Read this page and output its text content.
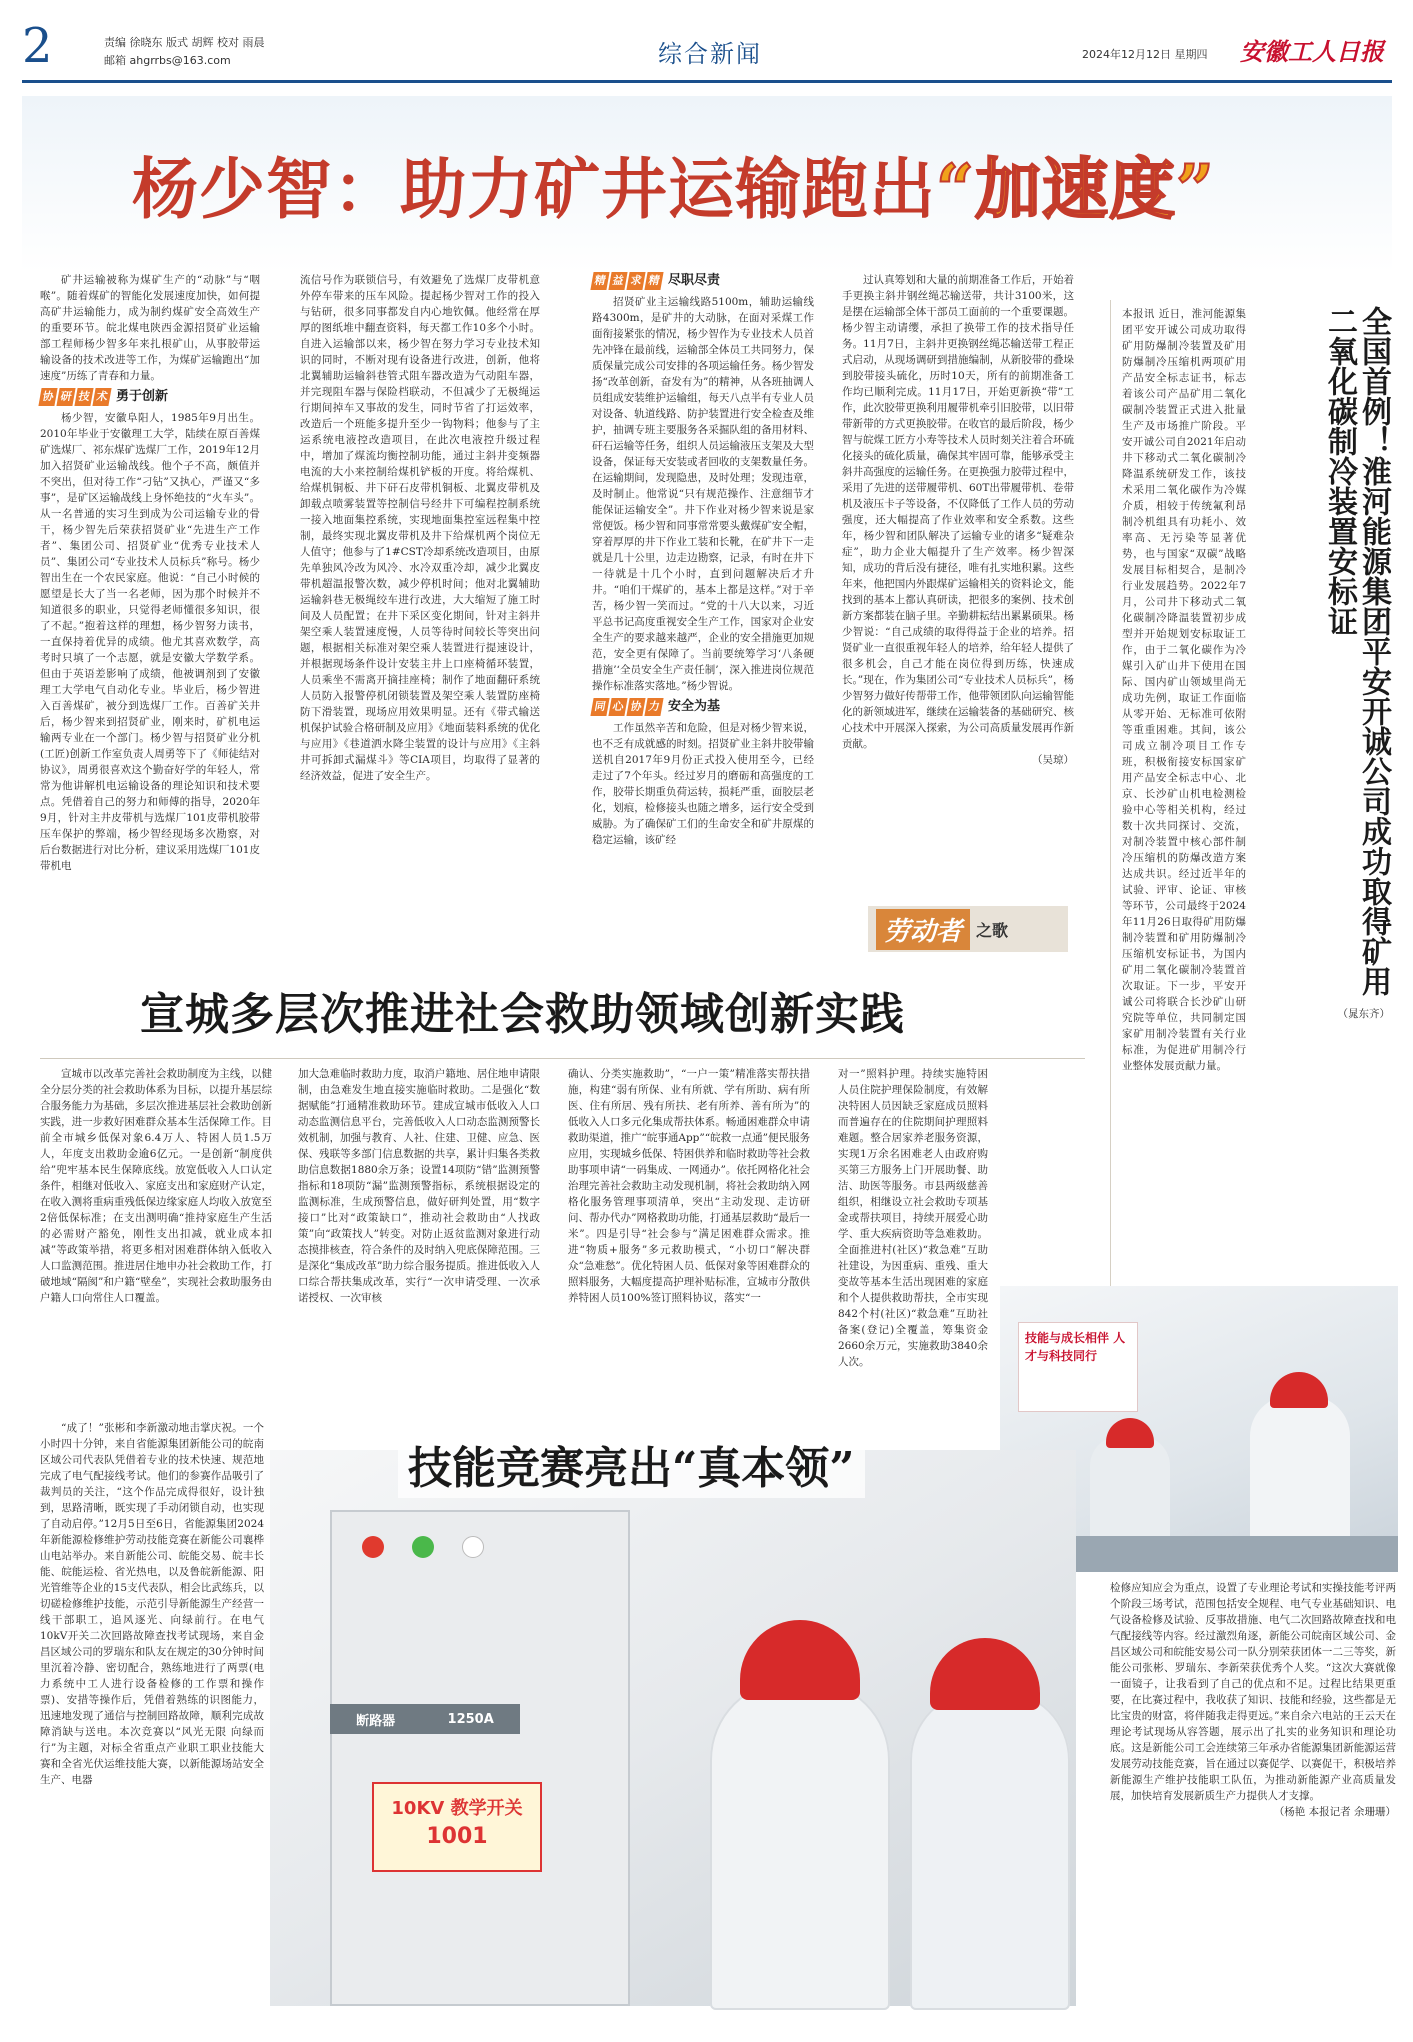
2	责编 徐晓东 版式 胡辉 校对 雨晨
邮箱 ahgrrbs@163.com	综合新闻	2024年12月12日 星期四 安徽工人日报
杨少智：助力矿井运输跑出“加速度”

矿井运输被称为煤矿生产的“动脉”与“咽喉”。随着煤矿的智能化发展速度加快，如何提高矿井运输能力，成为制约煤矿安全高效生产的重要环节。皖北煤电陕西金源招贤矿业运输部工程师杨少智多年来扎根矿山，从事胶带运输设备的技术改进等工作，为煤矿运输跑出“加速度”历练了青春和力量。

协 研 技 术 勇于创新

杨少智，安徽阜阳人，1985年9月出生。2010年毕业于安徽理工大学，陆续在原百善煤矿选煤厂、祁东煤矿选煤厂工作，2019年12月加入招贤矿业运输战线。他个子不高，颇值并不突出，但对待工作“刁钻”又执心，严谨又“多事”，是矿区运输战线上身怀绝技的“火车头”。从一名普通的实习生到成为公司运输专业的骨干，杨少智先后荣获招贤矿业“先进生产工作者”、集团公司、招贤矿业“优秀专业技术人员”、集团公司“专业技术人员标兵”称号。杨少智出生在一个农民家庭。他说：“自己小时候的愿望是长大了当一名老师，因为那个时候并不知道很多的职业，只觉得老师懂很多知识，很了不起。”抱着这样的理想，杨少智努力读书，一直保持着优异的成绩。他尤其喜欢数学，高考时只填了一个志愿，就是安徽大学数学系。但由于英语差影响了成绩，他被调剂到了安徽理工大学电气自动化专业。毕业后，杨少智进入百善煤矿，被分到选煤厂工作。百善矿关井后，杨少智来到招贤矿业，刚来时，矿机电运输两专业在一个部门。杨少智与招贤矿业分机(工匠)创新工作室负责人周勇等下了《师徒结对协议》，周勇很喜欢这个勤奋好学的年轻人，常常为他讲解机电运输设备的理论知识和技术要点。凭借着自己的努力和师傅的指导，2020年9月，针对主井皮带机与选煤厂101皮带机胶带压车保护的弊端，杨少智经现场多次勘察，对后台数据进行对比分析，建议采用选煤厂101皮带机电

流信号作为联锁信号，有效避免了选煤厂皮带机意外停车带来的压车风险。提起杨少智对工作的投入与钻研，很多同事都发自内心地钦佩。他经常在厚厚的图纸堆中翻查资料，每天都工作10多个小时。自进入运输部以来，杨少智在努力学习专业技术知识的同时，不断对现有设备进行改进，创新，他将北翼辅助运输斜巷管式阻车器改造为气动阻车器，并完现阻车器与保险档联动，不但减少了无极绳运行期间掉车又事故的发生，同时节省了打运效率，改造后一个班能多提升至少一钩物料；他参与了主运系统电液控改造项目，在此次电液控升级过程中，增加了煤流均衡控制功能，通过主斜井变频器电流的大小来控制给煤机铲板的开度。将给煤机、给煤机铜板、井下矸石皮带机铜板、北翼皮带机及卸载点喷雾装置等控制信号经井下可编程控制系统一接入地面集控系统，实现地面集控室远程集中控制，最终实现北翼皮带机及井下给煤机两个岗位无人值守；他参与了1#CST冷却系统改造项目，由原先单独风冷改为风冷、水冷双重冷却，减少北翼皮带机超温报警次数，减少停机时间；他对北翼辅助运输斜巷无极绳绞车进行改进，大大缩短了施工时间及人员配置；在井下采区变化期间，针对主斜井架空乘人装置速度慢，人员等待时间较长等突出问题，根据相关标准对架空乘人装置进行提速设计，并根据现场条件设计安装主井上口座椅循环装置，人员乘坐不需离开摘挂座椅；制作了地面翻矸系统人员防入报警停机闭锁装置及架空乘人装置防座椅防下滑装置，现场应用效果明显。还有《带式输送机保护试验合格研制及应用》《地面装料系统的优化与应用》《巷道洒水降尘装置的设计与应用》《主斜井可拆卸式漏煤斗》等CIA项目，均取得了显著的经济效益，促进了安全生产。

精 益 求 精 尽职尽责

招贤矿业主运输线路5100m，辅助运输线路4300m，是矿井的大动脉，在面对采煤工作面衔接紧张的情况，杨少智作为专业技术人员首先冲锋在最前线，运输部全体员工共同努力，保质保量完成公司安排的各项运输任务。杨少智发扬“改革创新，奋发有为”的精神，从各班抽调人员组成安装维护运输组，每天八点半有专业人员对设备、轨道线路、防护装置进行安全检查及维护，抽调专班主要服务各采掘队组的备用材料、矸石运输等任务，组织人员运输液压支架及大型设备，保证每天安装或者回收的支架数量任务。在运输期间，发现隐患，及时处理；发现违章，及时制止。他常说“只有规范操作、注意细节才能保证运输安全”。井下作业对杨少智来说是家常便饭。杨少智和同事常常要头戴煤矿安全帽，穿着厚厚的井下作业工装和长靴，在矿井下一走就是几十公里，边走边勘察，记录，有时在井下一待就是十几个小时，直到问题解决后才升井。“咱们干煤矿的，基本上都是这样。”对于辛苦，杨少智一笑而过。“党的十八大以来，习近平总书记高度重视安全生产工作，国家对企业安全生产的要求越来越严，企业的安全措施更加规范，安全更有保障了。当前要统筹学习‘八条硬措施’‘全员安全生产责任制’，深入推进岗位规范操作标准落实落地。”杨少智说。

同 心 协 力 安全为基

工作虽然辛苦和危险，但是对杨少智来说，也不乏有成就感的时刻。招贤矿业主斜井胶带输送机自2017年9月份正式投入使用至今，已经走过了7个年头。经过岁月的磨砺和高强度的工作，胶带长期重负荷运转，损耗严重，面胶层老化，划痕，检修接头也随之增多，运行安全受到威胁。为了确保矿工们的生命安全和矿井原煤的稳定运输，该矿经

过认真筹划和大量的前期准备工作后，开始着手更换主斜井钢丝绳芯输送带，共计3100米，这是摆在运输部全体干部员工面前的一个重要课题。杨少智主动请缨，承担了换带工作的技术指导任务。11月7日，主斜井更换钢丝绳芯输送带工程正式启动，从现场调研到措施编制，从新胶带的叠垛到胶带接头硫化，历时10天，所有的前期准备工作均已顺利完成。11月17日，开始更新换“带”工作，此次胶带更换利用履带机牵引旧胶带，以旧带带新带的方式更换胶带。在收官的最后阶段，杨少智与皖煤工匠方小寿等技术人员时刻关注着合环硫化接头的硫化质量，确保其牢固可靠，能够承受主斜井高强度的运输任务。在更换强力胶带过程中，采用了先进的送带履带机、60T出带履带机、卷带机及液压卡子等设备，不仅降低了工作人员的劳动强度，还大幅提高了作业效率和安全系数。这些年，杨少智和团队解决了运输专业的诸多“疑难杂症”，助力企业大幅提升了生产效率。杨少智深知，成功的背后没有捷径，唯有扎实地积累。这些年来，他把国内外跟煤矿运输相关的资料论文，能找到的基本上都认真研读，把很多的案例、技术创新方案都装在脑子里。辛勤耕耘结出累累硕果。杨少智说：“自己成绩的取得得益于企业的培养。招贤矿业一直很重视年轻人的培养，给年轻人提供了很多机会，自己才能在岗位得到历练，快速成长。”现在，作为集团公司“专业技术人员标兵”，杨少智努力做好传帮带工作，他带领团队向运输智能化的新领域进军，继续在运输装备的基础研究、核心技术中开展深入探索，为公司高质量发展再作新贡献。

（吴琼）

劳动者 之歌	全国首例！淮河能源集团平安开诚公司成功取得矿用二氧化碳制冷装置安标证

本报讯 近日，淮河能源集团平安开诚公司成功取得矿用防爆制冷装置及矿用防爆制冷压缩机两项矿用产品安全标志证书，标志着该公司产品矿用二氧化碳制冷装置正式进入批量生产及市场推广阶段。平安开诚公司自2021年启动井下移动式二氧化碳制冷降温系统研发工作，该技术采用二氧化碳作为冷媒介质，相较于传统氟利昂制冷机组具有功耗小、效率高、无污染等显著优势，也与国家“双碳”战略发展目标相契合，是制冷行业发展趋势。2022年7月，公司井下移动式二氧化碳制冷降温装置初步成型并开始规划安标取证工作，由于二氧化碳作为冷媒引入矿山井下使用在国际、国内矿山领域里尚无成功先例，取证工作面临从零开始、无标准可依附等重重困难。其间，该公司成立制冷项目工作专班，积极衔接安标国家矿用产品安全标志中心、北京、长沙矿山机电检测检验中心等相关机构，经过数十次共同探讨、交流，对制冷装置中核心部件制冷压缩机的防爆改造方案达成共识。经过近半年的试验、评审、论证、审核等环节，公司最终于2024年11月26日取得矿用防爆制冷装置和矿用防爆制冷压缩机安标证书，为国内矿用二氧化碳制冷装置首次取证。下一步，平安开诚公司将联合长沙矿山研究院等单位，共同制定国家矿用制冷装置有关行业标准，为促进矿用制冷行业整体发展贡献力量。

（晁东齐）

宣城多层次推进社会救助领域创新实践

宣城市以改革完善社会救助制度为主线，以健全分层分类的社会救助体系为目标，以提升基层综合服务能力为基础，多层次推进基层社会救助创新实践，进一步救好困难群众基本生活保障工作。目前全市城乡低保对象6.4万人、特困人员1.5万人，年度支出救助金逾6亿元。一是创新“制度供给”兜牢基本民生保障底线。放宽低收入人口认定条件，相继对低收入、家庭支出和家庭财产认定，在收入测将重病重残低保边缘家庭人均收入放宽至2倍低保标准；在支出测明确“推持家庭生产生活的必需财产豁免，刚性支出扣减，就业成本扣减”等政策举措，将更多相对困难群体纳入低收入人口监测范围。推进居住地申办社会救助工作，打破地域“隔阂”和户籍“壁垒”，实现社会救助服务由户籍人口向常住人口覆盖。

加大急难临时救助力度，取消户籍地、居住地申请限制，由急难发生地直接实施临时救助。二是强化“数据赋能”打通精准救助环节。建成宣城市低收入人口动态监测信息平台，完善低收入人口动态监测预警长效机制，加强与教育、人社、住建、卫健、应急、医保、残联等多部门信息数据的共享，累计归集各类救助信息数据1880余万条；设置14项防“错”监测预警指标和18项防“漏”监测预警指标，系统根据设定的监测标准，生成预警信息，做好研判处置，用“数字接口”比对“政策缺口”，推动社会救助由“人找政策”向“政策找人”转变。对防止返贫监测对象进行动态摸排核查，符合条件的及时纳入兜底保障范围。三是深化“集成改革”助力综合服务提质。推进低收入人口综合帮扶集成改革，实行“一次申请受理、一次承诺授权、一次审核

确认、分类实施救助”，“一户一策”精准落实帮扶措施，构建“弱有所保、业有所就、学有所助、病有所医、住有所居、残有所扶、老有所养、善有所为”的低收入人口多元化集成帮扶体系。畅通困难群众申请救助渠道，推广“皖事通App”“皖救一点通”便民服务应用，实现城乡低保、特困供养和临时救助等社会救助事项申请“一码集成、一网通办”。依托网格化社会治理完善社会救助主动发现机制，将社会救助纳入网格化服务管理事项清单，突出“主动发现、走访研问、帮办代办”网格救助功能，打通基层救助“最后一米”。四是引导“社会参与”满足困难群众需求。推进“物质+服务”多元救助模式，“小切口”解决群众“急难愁”。优化特困人员、低保对象等困难群众的照料服务，大幅度提高护理补贴标准，宣城市分散供养特困人员100%签订照料协议，落实“一

对一”照料护理。持续实施特困人员住院护理保险制度，有效解决特困人员因缺乏家庭成员照料而普遍存在的住院期间护理照料难题。整合居家养老服务资源，实现1万余名困难老人由政府购买第三方服务上门开展助餐、助洁、助医等服务。市县两级慈善组织，相继设立社会救助专项基金或帮扶项目，持续开展爱心助学、重大疾病资助等急难救助。全面推进村(社区)“救急难”互助社建设，为因重病、重残、重大变故等基本生活出现困难的家庭和个人提供救助帮扶，全市实现842个村(社区)“救急难”互助社备案(登记)全覆盖，筹集资金2660余万元，实施救助3840余人次。

技能与成长相伴 人才与科技同行

“成了！”张彬和李新激动地击掌庆祝。一个小时四十分钟，来自省能源集团新能公司的皖南区域公司代表队凭借着专业的技术快速、规范地完成了电气配接线考试。他们的参赛作品吸引了裁判员的关注，“这个作品完成得很好，设计独到，思路清晰，既实现了手动闭锁自动，也实现了自动启停。”12月5日至6日，省能源集团2024年新能源检修维护劳动技能竞赛在新能公司襄桦山电站举办。来自新能公司、皖能交易、皖丰长能、皖能运检、省光热电，以及鲁皖新能源、阳光管维等企业的15支代表队，相会比武练兵，以切磋检修维护技能，示范引导新能源生产经营一线干部职工，追风逐光、向绿前行。在电气10kV开关二次回路故障查找考试现场，来自金昌区域公司的罗瑞东和队友在规定的30分钟时间里沉着冷静、密切配合，熟练地进行了两票(电力系统中工人进行设备检修的工作票和操作票)、安措等操作后，凭借着熟练的识图能力，迅速地发现了通信与控制回路故障，顺利完成故障消缺与送电。本次竞赛以“风光无限 向绿而行”为主题，对标全省重点产业职工职业技能大赛和全省光伏运维技能大赛，以新能源场站安全生产、电器

10KV 教学开关
1001
断路器	1250A
技能竞赛亮出“真本领”

检修应知应会为重点，设置了专业理论考试和实操技能考评两个阶段三场考试，范围包括安全规程、电气专业基础知识、电气设备检修及试验、反事故措施、电气二次回路故障查找和电气配接线等内容。经过激烈角逐，新能公司皖南区域公司、金昌区域公司和皖能安易公司一队分别荣获团体一二三等奖，新能公司张彬、罗瑞东、李新荣获优秀个人奖。“这次大赛就像一面镜子，让我看到了自己的优点和不足。过程比结果更重要，在比赛过程中，我收获了知识、技能和经验，这些都是无比宝贵的财富，将伴随我走得更远。”来自余六电站的王云天在理论考试现场从容答题，展示出了扎实的业务知识和理论功底。这是新能公司工会连续第三年承办省能源集团新能源运营发展劳动技能竞赛，旨在通过以赛促学、以赛促干，积极培养新能源生产维护技能职工队伍，为推动新能源产业高质量发展，加快培育发展新质生产力提供人才支撑。

（杨艳 本报记者 余珊珊）
